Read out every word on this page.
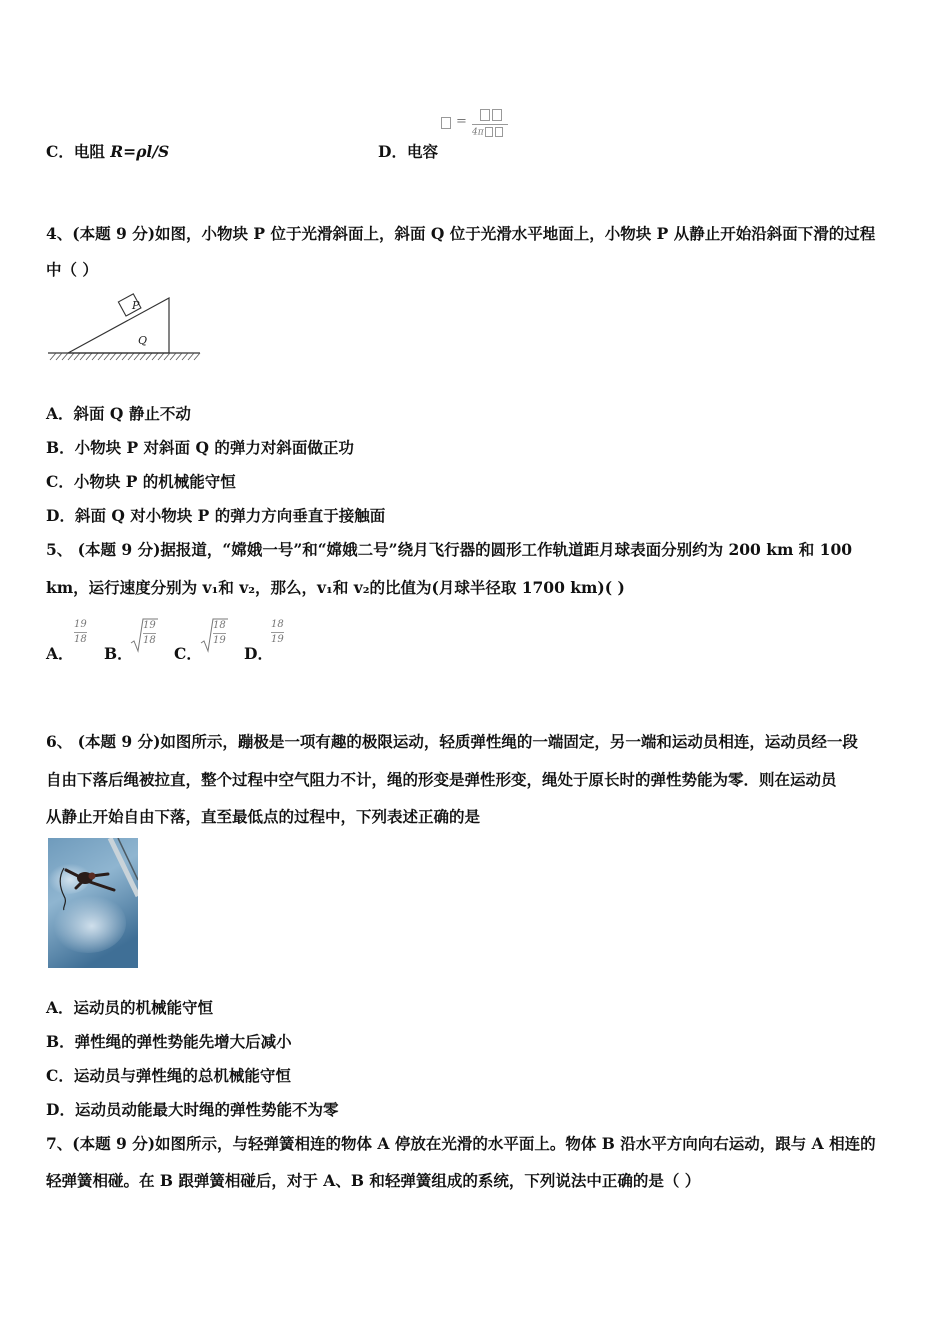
C．电阻 R=ρl/S
=
4π
D．电容
4、(本题 9 分)如图，小物块 P 位于光滑斜面上，斜面 Q 位于光滑水平地面上，小物块 P 从静止开始沿斜面下滑的过程
中（ ）
P
Q
A．斜面 Q 静止不动
B．小物块 P 对斜面 Q 的弹力对斜面做正功
C．小物块 P 的机械能守恒
D．斜面 Q 对小物块 P 的弹力方向垂直于接触面
5、 (本题 9 分)据报道，“嫦娥一号”和“嫦娥二号”绕月飞行器的圆形工作轨道距月球表面分别约为 200 km 和 100
km，运行速度分别为 v₁和 v₂，那么，v₁和 v₂的比值为(月球半径取 1700 km)( )
A．
19
18
B．
19
18
C．
18
19
D．
18
19
6、 (本题 9 分)如图所示，蹦极是一项有趣的极限运动，轻质弹性绳的一端固定，另一端和运动员相连，运动员经一段
自由下落后绳被拉直，整个过程中空气阻力不计，绳的形变是弹性形变，绳处于原长时的弹性势能为零．则在运动员
从静止开始自由下落，直至最低点的过程中，下列表述正确的是
A．运动员的机械能守恒
B．弹性绳的弹性势能先增大后减小
C．运动员与弹性绳的总机械能守恒
D．运动员动能最大时绳的弹性势能不为零
7、(本题 9 分)如图所示，与轻弹簧相连的物体 A 停放在光滑的水平面上。物体 B 沿水平方向向右运动，跟与 A 相连的
轻弹簧相碰。在 B 跟弹簧相碰后，对于 A、B 和轻弹簧组成的系统，下列说法中正确的是（ ）
